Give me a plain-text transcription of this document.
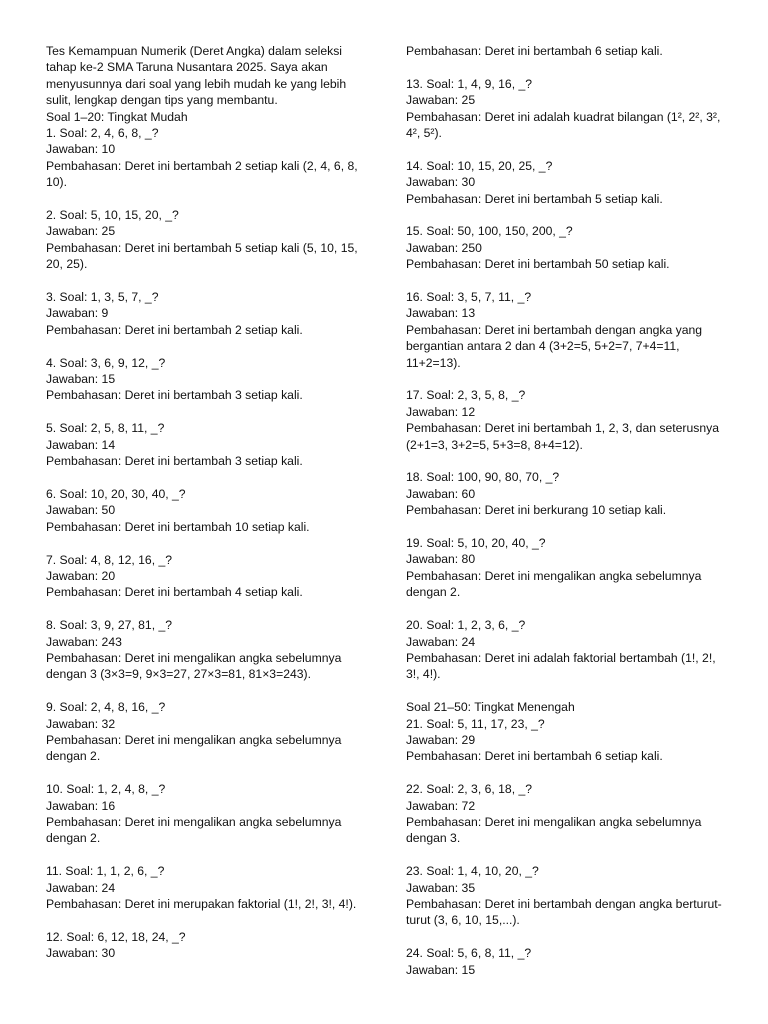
Tes Kemampuan Numerik (Deret Angka) dalam seleksi tahap ke-2 SMA Taruna Nusantara 2025. Saya akan menyusunnya dari soal yang lebih mudah ke yang lebih sulit, lengkap dengan tips yang membantu.
Soal 1–20: Tingkat Mudah
1. Soal: 2, 4, 6, 8, _?
Jawaban: 10
Pembahasan: Deret ini bertambah 2 setiap kali (2, 4, 6, 8, 10).
2. Soal: 5, 10, 15, 20, _?
Jawaban: 25
Pembahasan: Deret ini bertambah 5 setiap kali (5, 10, 15, 20, 25).
3. Soal: 1, 3, 5, 7, _?
Jawaban: 9
Pembahasan: Deret ini bertambah 2 setiap kali.
4. Soal: 3, 6, 9, 12, _?
Jawaban: 15
Pembahasan: Deret ini bertambah 3 setiap kali.
5. Soal: 2, 5, 8, 11, _?
Jawaban: 14
Pembahasan: Deret ini bertambah 3 setiap kali.
6. Soal: 10, 20, 30, 40, _?
Jawaban: 50
Pembahasan: Deret ini bertambah 10 setiap kali.
7. Soal: 4, 8, 12, 16, _?
Jawaban: 20
Pembahasan: Deret ini bertambah 4 setiap kali.
8. Soal: 3, 9, 27, 81, _?
Jawaban: 243
Pembahasan: Deret ini mengalikan angka sebelumnya dengan 3 (3×3=9, 9×3=27, 27×3=81, 81×3=243).
9. Soal: 2, 4, 8, 16, _?
Jawaban: 32
Pembahasan: Deret ini mengalikan angka sebelumnya dengan 2.
10. Soal: 1, 2, 4, 8, _?
Jawaban: 16
Pembahasan: Deret ini mengalikan angka sebelumnya dengan 2.
11. Soal: 1, 1, 2, 6, _?
Jawaban: 24
Pembahasan: Deret ini merupakan faktorial (1!, 2!, 3!, 4!).
12. Soal: 6, 12, 18, 24, _?
Jawaban: 30
Pembahasan: Deret ini bertambah 6 setiap kali.
13. Soal: 1, 4, 9, 16, _?
Jawaban: 25
Pembahasan: Deret ini adalah kuadrat bilangan (1², 2², 3², 4², 5²).
14. Soal: 10, 15, 20, 25, _?
Jawaban: 30
Pembahasan: Deret ini bertambah 5 setiap kali.
15. Soal: 50, 100, 150, 200, _?
Jawaban: 250
Pembahasan: Deret ini bertambah 50 setiap kali.
16. Soal: 3, 5, 7, 11, _?
Jawaban: 13
Pembahasan: Deret ini bertambah dengan angka yang bergantian antara 2 dan 4 (3+2=5, 5+2=7, 7+4=11, 11+2=13).
17. Soal: 2, 3, 5, 8, _?
Jawaban: 12
Pembahasan: Deret ini bertambah 1, 2, 3, dan seterusnya (2+1=3, 3+2=5, 5+3=8, 8+4=12).
18. Soal: 100, 90, 80, 70, _?
Jawaban: 60
Pembahasan: Deret ini berkurang 10 setiap kali.
19. Soal: 5, 10, 20, 40, _?
Jawaban: 80
Pembahasan: Deret ini mengalikan angka sebelumnya dengan 2.
20. Soal: 1, 2, 3, 6, _?
Jawaban: 24
Pembahasan: Deret ini adalah faktorial bertambah (1!, 2!, 3!, 4!).
Soal 21–50: Tingkat Menengah
21. Soal: 5, 11, 17, 23, _?
Jawaban: 29
Pembahasan: Deret ini bertambah 6 setiap kali.
22. Soal: 2, 3, 6, 18, _?
Jawaban: 72
Pembahasan: Deret ini mengalikan angka sebelumnya dengan 3.
23. Soal: 1, 4, 10, 20, _?
Jawaban: 35
Pembahasan: Deret ini bertambah dengan angka berturut-turut (3, 6, 10, 15,...).
24. Soal: 5, 6, 8, 11, _?
Jawaban: 15
